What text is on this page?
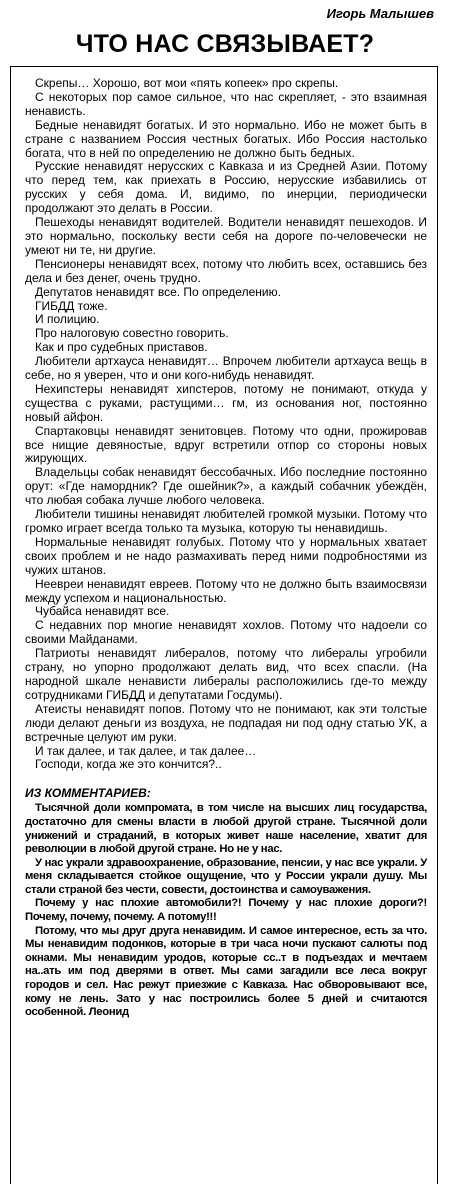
Игорь Малышев
ЧТО НАС СВЯЗЫВАЕТ?

Скрепы… Хорошо, вот мои «пять копеек» про скрепы.

С некоторых пор самое сильное, что нас скрепляет, - это взаимная ненависть.

Бедные ненавидят богатых. И это нормально. Ибо не может быть в стране с названием Россия честных богатых. Ибо Россия настолько богата, что в ней по определению не должно быть бедных.

Русские ненавидят нерусских с Кавказа и из Средней Азии. Потому что перед тем, как приехать в Россию, нерусские избавились от русских у себя дома. И, видимо, по инерции, периодически продолжают это делать в России.

Пешеходы ненавидят водителей. Водители ненавидят пешеходов. И это нормально, поскольку вести себя на дороге по-человечески не умеют ни те, ни другие.

Пенсионеры ненавидят всех, потому что любить всех, оставшись без дела и без денег, очень трудно.

Депутатов ненавидят все. По определению.

ГИБДД тоже.

И полицию.

Про налоговую совестно говорить.

Как и про судебных приставов.

Любители артхауса ненавидят… Впрочем любители артхауса вещь в себе, но я уверен, что и они кого-нибудь ненавидят.

Нехипстеры ненавидят хипстеров, потому не понимают, откуда у существа с руками, растущими… гм, из основания ног, постоянно новый айфон.

Спартаковцы ненавидят зенитовцев. Потому что одни, прожировав все нищие девяностые, вдруг встретили отпор со стороны новых жирующих.

Владельцы собак ненавидят бессобачных. Ибо последние постоянно орут: «Где намордник? Где ошейник?», а каждый собачник убеждён, что любая собака лучше любого человека.

Любители тишины ненавидят любителей громкой музыки. Потому что громко играет всегда только та музыка, которую ты ненавидишь.

Нормальные ненавидят голубых. Потому что у нормальных хватает своих проблем и не надо размахивать перед ними подробностями из чужих штанов.

Неевреи ненавидят евреев. Потому что не должно быть взаимосвязи между успехом и национальностью.

Чубайса ненавидят все.

С недавних пор многие ненавидят хохлов. Потому что надоели со своими Майданами.

Патриоты ненавидят либералов, потому что либералы угробили страну, но упорно продолжают делать вид, что всех спасли. (На народной шкале ненависти либералы расположились где-то между сотрудниками ГИБДД и депутатами Госдумы).

Атеисты ненавидят попов. Потому что не понимают, как эти толстые люди делают деньги из воздуха, не подпадая ни под одну статью УК, а встречные целуют им руки.

И так далее, и так далее, и так далее…

Господи, когда же это кончится?..

ИЗ КОММЕНТАРИЕВ:

Тысячной доли компромата, в том числе на высших лиц государства, достаточно для смены власти в любой другой стране. Тысячной доли унижений и страданий, в которых живет наше население, хватит для революции в любой другой стране. Но не у нас.

У нас украли здравоохранение, образование, пенсии, у нас все украли. У меня складывается стойкое ощущение, что у России украли душу. Мы стали страной без чести, совести, достоинства и самоуважения.

Почему у нас плохие автомобили?! Почему у нас плохие дороги?! Почему, почему, почему. А потому!!!

Потому, что мы друг друга ненавидим. И самое интересное, есть за что. Мы ненавидим подонков, которые в три часа ночи пускают салюты под окнами. Мы ненавидим уродов, которые сс..т в подъездах и мечтаем на..ать им под дверями в ответ. Мы сами загадили все леса вокруг городов и сел. Нас режут приезжие с Кавказа. Нас обворовывают все, кому не лень. Зато у нас построились более 5 дней и считаются особенной. Леонид
